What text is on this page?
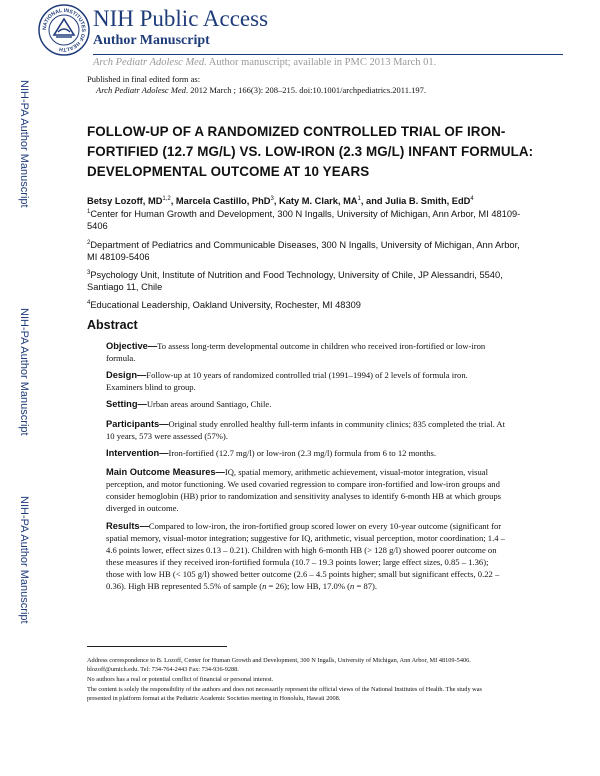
NATIONAL INSTITUTES OF HEALTH
NIH Public Access
Author Manuscript
Arch Pediatr Adolesc Med. Author manuscript; available in PMC 2013 March 01.
NIH-PA Author Manuscript
NIH-PA Author Manuscript
NIH-PA Author Manuscript
Published in final edited form as:
Arch Pediatr Adolesc Med. 2012 March ; 166(3): 208–215. doi:10.1001/archpediatrics.2011.197.
FOLLOW-UP OF A RANDOMIZED CONTROLLED TRIAL OF IRON-FORTIFIED (12.7 MG/L) VS. LOW-IRON (2.3 MG/L) INFANT FORMULA: DEVELOPMENTAL OUTCOME AT 10 YEARS
Betsy Lozoff, MD$^{1,2}$, Marcela Castillo, PhD$^3$, Katy M. Clark, $MA^1$, and Julia B. Smith, EdD$^4$
$^1$Center for Human Growth and Development, 300 N Ingalls, University of Michigan, Ann Arbor, MI 48109-5406
$^2$Department of Pediatrics and Communicable Diseases, 300 N Ingalls, University of Michigan, Ann Arbor, MI 48109-5406
$^3$Psychology Unit, Institute of Nutrition and Food Technology, University of Chile, JP Alessandri, 5540, Santiago 11, Chile
$^4$Educational Leadership, Oakland University, Rochester, MI 48309
Abstract
Objective—To assess long-term developmental outcome in children who received iron-fortified or low-iron formula.
Design—Follow-up at 10 years of randomized controlled trial (1991–1994) of 2 levels of formula iron. Examiners blind to group.
Setting—Urban areas around Santiago, Chile.
Participants—Original study enrolled healthy full-term infants in community clinics; 835 completed the trial. At 10 years, 573 were assessed (57%).
Intervention—Iron-fortified (12.7 mg/l) or low-iron (2.3 mg/l) formula from 6 to 12 months.
Main Outcome Measures—IQ, spatial memory, arithmetic achievement, visual-motor integration, visual perception, and motor functioning. We used covaried regression to compare iron-fortified and low-iron groups and consider hemoglobin (HB) prior to randomization and sensitivity analyses to identify 6-month HB at which groups diverged in outcome.
Results—Compared to low-iron, the iron-fortified group scored lower on every 10-year outcome (significant for spatial memory, visual-motor integration; suggestive for IQ, arithmetic, visual perception, motor coordination; 1.4 – 4.6 points lower, effect sizes 0.13 – 0.21). Children with high 6-month HB (> 128 g/l) showed poorer outcome on these measures if they received iron-fortified formula (10.7 – 19.3 points lower; large effect sizes, 0.85 – 1.36); those with low HB (< 105 g/l) showed better outcome (2.6 – 4.5 points higher; small but significant effects, 0.22 – 0.36). High HB represented 5.5% of sample (n = 26); low HB, 17.0% (n = 87).
Address correspondence to B. Lozoff, Center for Human Growth and Development, 300 N Ingalls, University of Michigan, Ann Arbor, MI 48109-5406. blozoff@umich.edu. Tel: 734-764-2443 Fax: 734-936-9288.
No authors has a real or potential conflict of financial or personal interest.
The content is solely the responsibility of the authors and does not necessarily represent the official views of the National Institutes of Health. The study was presented in platform format at the Pediatric Academic Societies meeting in Honolulu, Hawaii 2008.
